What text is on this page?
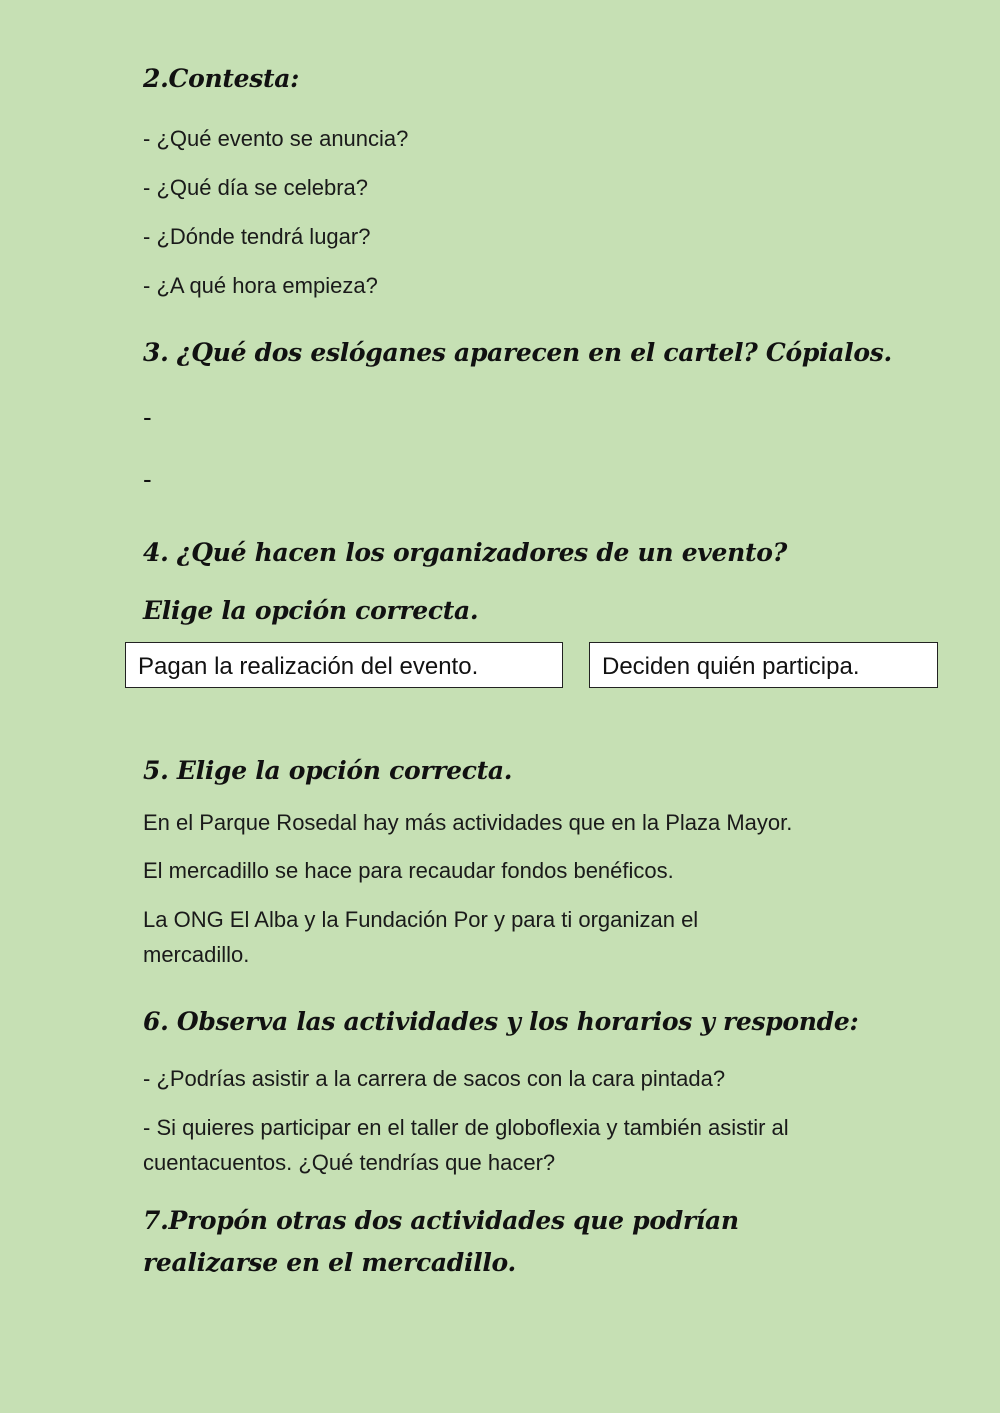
2.Contesta:
- ¿Qué evento se anuncia?
- ¿Qué día se celebra?
- ¿Dónde tendrá lugar?
- ¿A qué hora empieza?
3. ¿Qué dos eslóganes aparecen en el cartel? Cópialos.
-
-
4. ¿Qué hacen los organizadores de un evento?
Elige la opción correcta.
Pagan la realización del evento.	Deciden quién participa.
5. Elige la opción correcta.
En el Parque Rosedal hay más actividades que en la Plaza Mayor.
El mercadillo se hace para recaudar fondos benéficos.
La ONG El Alba y la Fundación Por y para ti organizan el mercadillo.
6. Observa las actividades y los horarios y responde:
- ¿Podrías asistir a la carrera de sacos con la cara pintada?
- Si quieres participar en el taller de globoflexia y también asistir al cuentacuentos. ¿Qué tendrías que hacer?
7.Propón otras dos actividades que podrían realizarse en el mercadillo.
